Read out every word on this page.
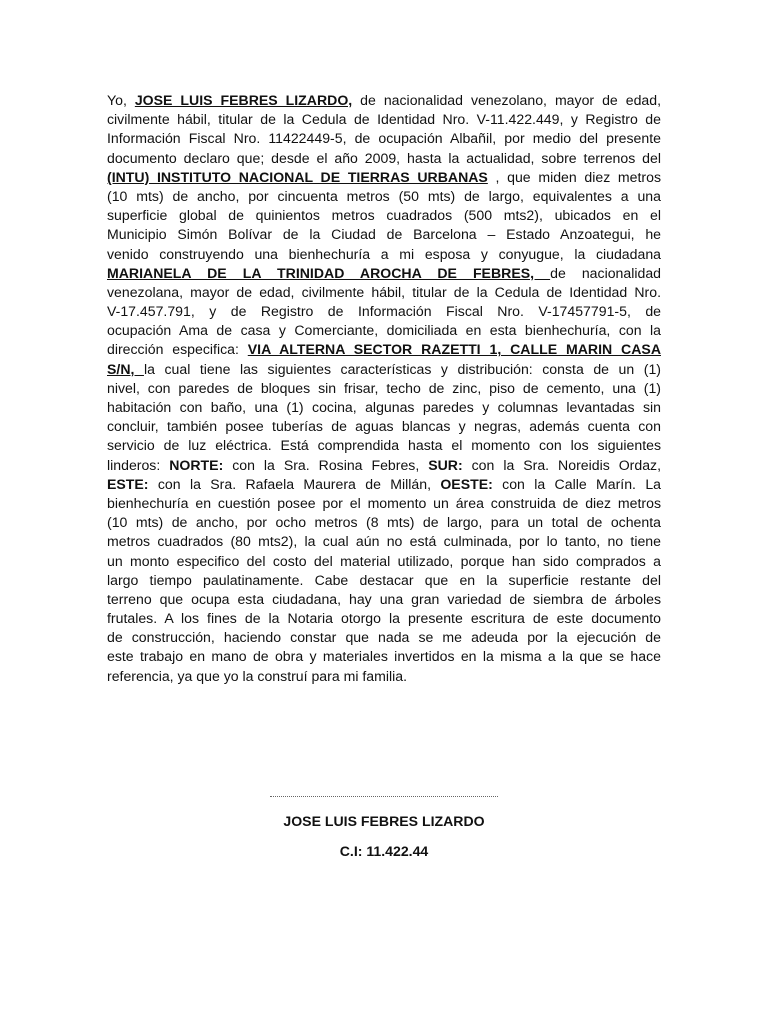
Yo, JOSE LUIS FEBRES LIZARDO, de nacionalidad venezolano, mayor de edad,
civilmente hábil, titular de la Cedula de Identidad Nro. V-11.422.449, y Registro de
Información Fiscal Nro. 11422449-5, de ocupación Albañil, por medio del presente
documento declaro que; desde el año 2009, hasta la actualidad, sobre terrenos del
(INTU) INSTITUTO NACIONAL DE TIERRAS URBANAS , que miden diez metros
(10 mts) de ancho, por cincuenta metros (50 mts) de largo, equivalentes a una
superficie global de quinientos metros cuadrados (500 mts2), ubicados en el
Municipio Simón Bolívar de la Ciudad de Barcelona – Estado Anzoategui, he
venido construyendo una bienhechuría a mi esposa y conyugue, la ciudadana
MARIANELA DE LA TRINIDAD AROCHA DE FEBRES, de nacionalidad
venezolana, mayor de edad, civilmente hábil, titular de la Cedula de Identidad Nro.
V-17.457.791, y de Registro de Información Fiscal Nro. V-17457791-5, de
ocupación Ama de casa y Comerciante, domiciliada en esta bienhechuría, con la
dirección especifica: VIA ALTERNA SECTOR RAZETTI 1, CALLE MARIN CASA
S/N, la cual tiene las siguientes características y distribución: consta de un (1)
nivel, con paredes de bloques sin frisar, techo de zinc, piso de cemento, una (1)
habitación con baño, una (1) cocina, algunas paredes y columnas levantadas sin
concluir, también posee tuberías de aguas blancas y negras, además cuenta con
servicio de luz eléctrica. Está comprendida hasta el momento con los siguientes
linderos: NORTE: con la Sra. Rosina Febres, SUR: con la Sra. Noreidis Ordaz,
ESTE: con la Sra. Rafaela Maurera de Millán, OESTE: con la Calle Marín. La
bienhechuría en cuestión posee por el momento un área construida de diez metros
(10 mts) de ancho, por ocho metros (8 mts) de largo, para un total de ochenta
metros cuadrados (80 mts2), la cual aún no está culminada, por lo tanto, no tiene
un monto especifico del costo del material utilizado, porque han sido comprados a
largo tiempo paulatinamente. Cabe destacar que en la superficie restante del
terreno que ocupa esta ciudadana, hay una gran variedad de siembra de árboles
frutales. A los fines de la Notaria otorgo la presente escritura de este documento
de construcción, haciendo constar que nada se me adeuda por la ejecución de
este trabajo en mano de obra y materiales invertidos en la misma a la que se hace
referencia, ya que yo la construí para mi familia.
JOSE LUIS FEBRES LIZARDO
C.I: 11.422.44
